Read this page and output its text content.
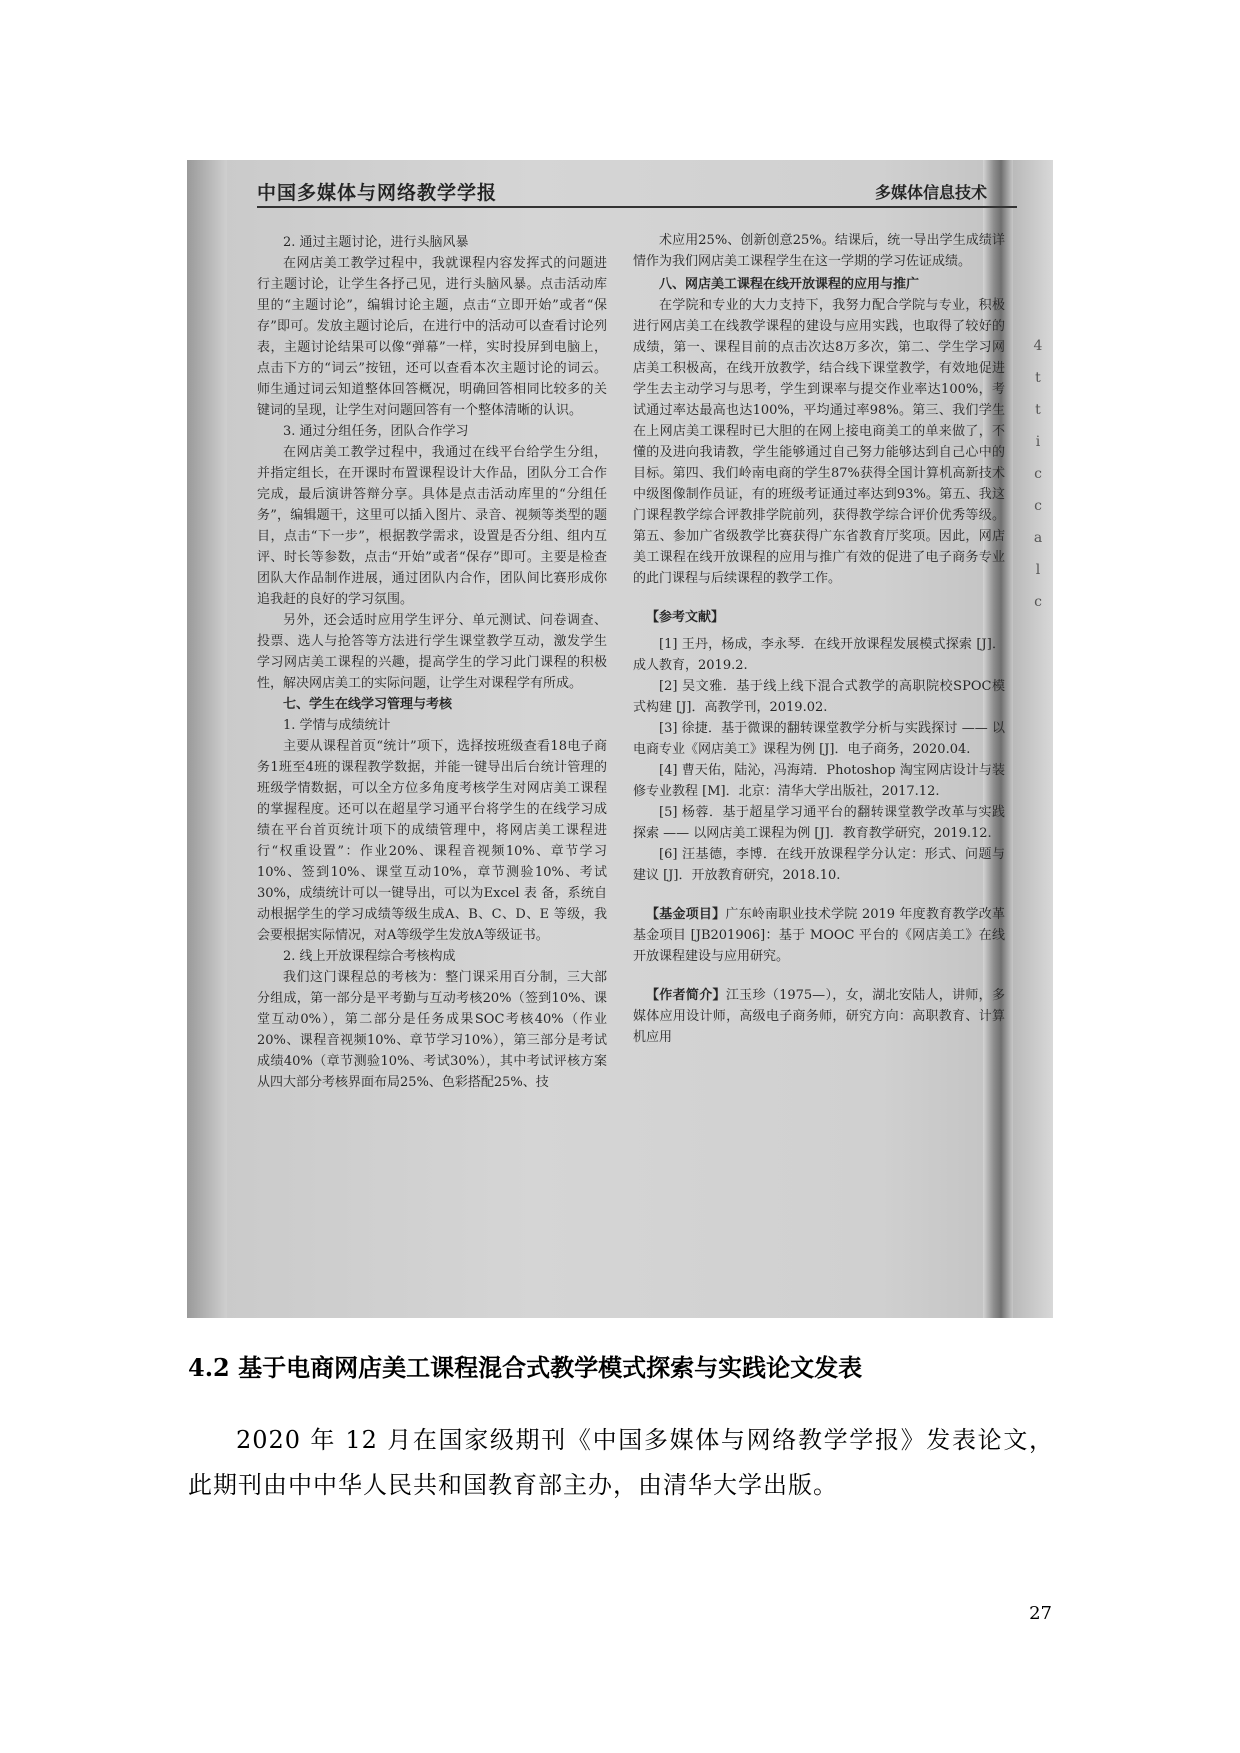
4
t
t
i
c
c
a
l
c
中国多媒体与网络教学学报	多媒体信息技术
2. 通过主题讨论，进行头脑风暴

在网店美工教学过程中，我就课程内容发挥式的问题进行主题讨论，让学生各抒己见，进行头脑风暴。点击活动库里的“主题讨论”，编辑讨论主题，点击“立即开始”或者“保存”即可。发放主题讨论后，在进行中的活动可以查看讨论列表，主题讨论结果可以像“弹幕”一样，实时投屏到电脑上，点击下方的“词云”按钮，还可以查看本次主题讨论的词云。师生通过词云知道整体回答概况，明确回答相同比较多的关键词的呈现，让学生对问题回答有一个整体清晰的认识。

3. 通过分组任务，团队合作学习

在网店美工教学过程中，我通过在线平台给学生分组，并指定组长，在开课时布置课程设计大作品，团队分工合作完成，最后演讲答辩分享。具体是点击活动库里的“分组任务”，编辑题干，这里可以插入图片、录音、视频等类型的题目，点击“下一步”，根据教学需求，设置是否分组、组内互评、时长等参数，点击“开始”或者“保存”即可。主要是检查团队大作品制作进展，通过团队内合作，团队间比赛形成你追我赶的良好的学习氛围。

另外，还会适时应用学生评分、单元测试、问卷调查、投票、选人与抢答等方法进行学生课堂教学互动，激发学生学习网店美工课程的兴趣，提高学生的学习此门课程的积极性，解决网店美工的实际问题，让学生对课程学有所成。

七、学生在线学习管理与考核
1. 学情与成绩统计

主要从课程首页“统计”项下，选择按班级查看18电子商务1班至4班的课程教学数据，并能一键导出后台统计管理的班级学情数据，可以全方位多角度考核学生对网店美工课程的掌握程度。还可以在超星学习通平台将学生的在线学习成绩在平台首页统计项下的成绩管理中，将网店美工课程进行“权重设置”：作业20%、课程音视频10%、章节学习10%、签到10%、课堂互动10%，章节测验10%、考试30%，成绩统计可以一键导出，可以为Excel 表 备，系统自动根据学生的学习成绩等级生成A、B、C、D、E 等级，我会要根据实际情况，对A等级学生发放A等级证书。

2. 线上开放课程综合考核构成

我们这门课程总的考核为：整门课采用百分制，三大部分组成，第一部分是平考勤与互动考核20%（签到10%、课堂互动0%），第二部分是任务成果SOC考核40%（作业20%、课程音视频10%、章节学习10%），第三部分是考试成绩40%（章节测验10%、考试30%），其中考试评核方案从四大部分考核界面布局25%、色彩搭配25%、技

术应用25%、创新创意25%。结课后，统一导出学生成绩详情作为我们网店美工课程学生在这一学期的学习佐证成绩。

八、网店美工课程在线开放课程的应用与推广

在学院和专业的大力支持下，我努力配合学院与专业，积极进行网店美工在线教学课程的建设与应用实践，也取得了较好的成绩，第一、课程目前的点击次达8万多次，第二、学生学习网店美工积极高，在线开放教学，结合线下课堂教学，有效地促进学生去主动学习与思考，学生到课率与提交作业率达100%，考试通过率达最高也达100%，平均通过率98%。第三、我们学生在上网店美工课程时已大胆的在网上接电商美工的单来做了，不懂的及进向我请教，学生能够通过自己努力能够达到自己心中的目标。第四、我们岭南电商的学生87%获得全国计算机高新技术中级图像制作员证，有的班级考证通过率达到93%。第五、我这门课程教学综合评教排学院前列，获得教学综合评价优秀等级。第五、参加广省级教学比赛获得广东省教育厅奖项。因此，网店美工课程在线开放课程的应用与推广有效的促进了电子商务专业的此门课程与后续课程的教学工作。

【参考文献】

[1] 王丹，杨成，李永琴．在线开放课程发展模式探索 [J]．成人教育，2019.2.

[2] 吴文雅．基于线上线下混合式教学的高职院校SPOC模式构建 [J]．高教学刊，2019.02.

[3] 徐捷．基于微课的翻转课堂教学分析与实践探讨 —— 以电商专业《网店美工》课程为例 [J]．电子商务，2020.04.

[4] 曹天佑，陆沁，冯海靖．Photoshop 淘宝网店设计与装修专业教程 [M]．北京：清华大学出版社，2017.12.

[5] 杨蓉．基于超星学习通平台的翻转课堂教学改革与实践探索 —— 以网店美工课程为例 [J]．教育教学研究，2019.12.

[6] 汪基德，李博．在线开放课程学分认定：形式、问题与建议 [J]．开放教育研究，2018.10.

【基金项目】广东岭南职业技术学院 2019 年度教育教学改革基金项目 [JB201906]：基于 MOOC 平台的《网店美工》在线开放课程建设与应用研究。
【作者简介】江玉珍（1975—），女，湖北安陆人，讲师，多媒体应用设计师，高级电子商务师，研究方向：高职教育、计算机应用
4.2 基于电商网店美工课程混合式教学模式探索与实践论文发表
2020 年 12 月在国家级期刊《中国多媒体与网络教学学报》发表论文，此期刊由中中华人民共和国教育部主办，由清华大学出版。
27
